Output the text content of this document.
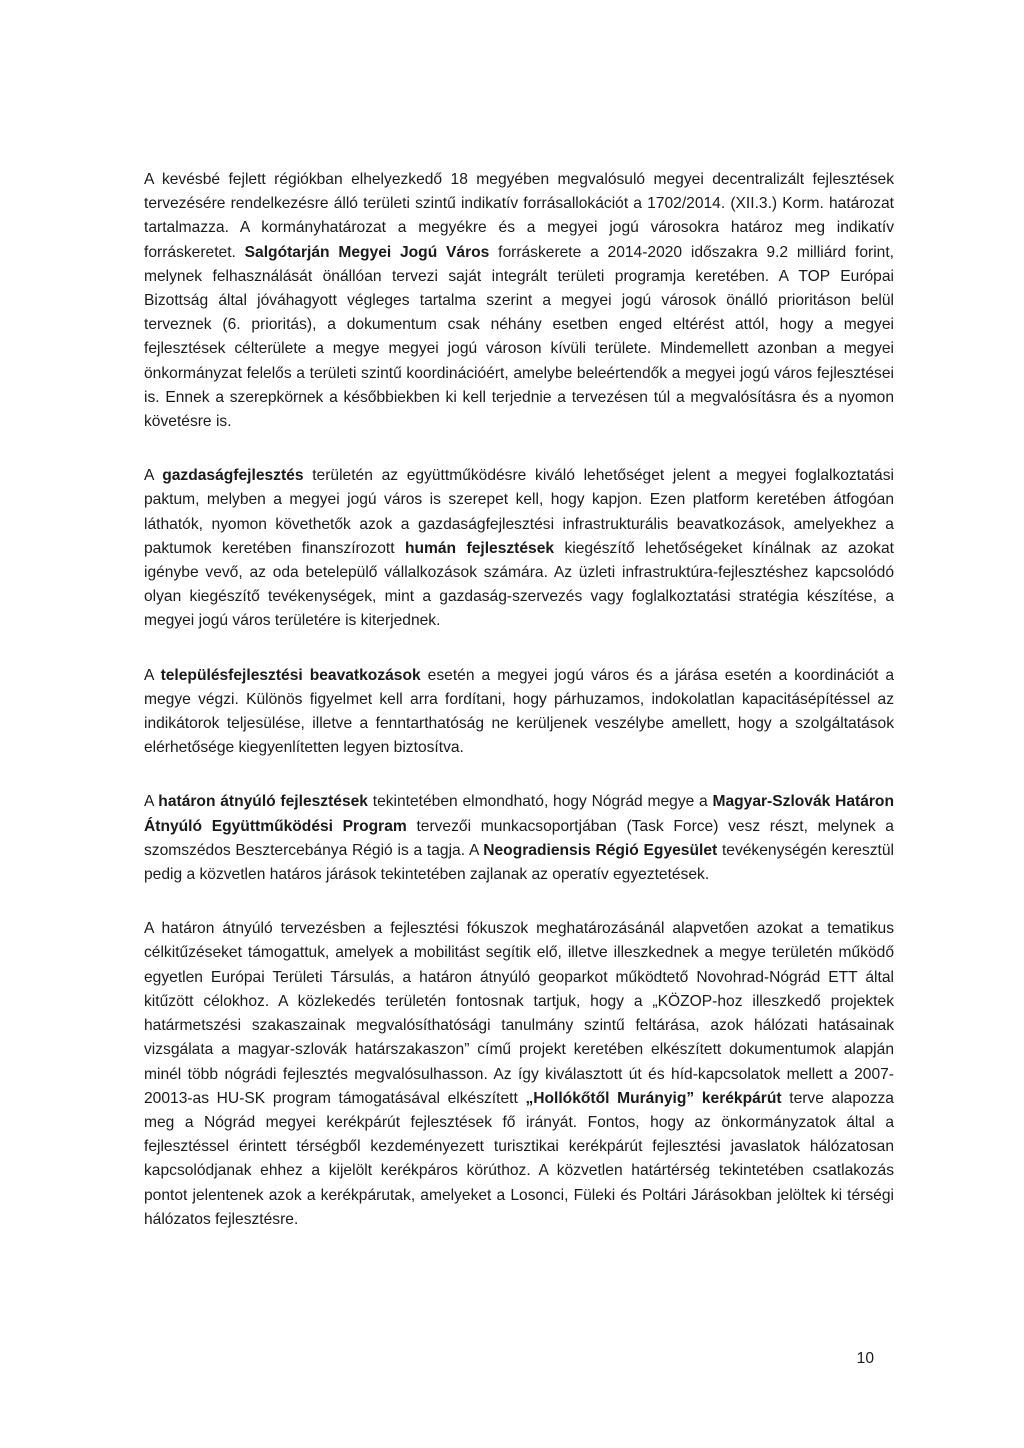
A kevésbé fejlett régiókban elhelyezkedő 18 megyében megvalósuló megyei decentralizált fejlesztések tervezésére rendelkezésre álló területi szintű indikatív forrásallokációt a 1702/2014. (XII.3.) Korm. határozat tartalmazza. A kormányhatározat a megyékre és a megyei jogú városokra határoz meg indikatív forráskeretet. Salgótarján Megyei Jogú Város forráskerete a 2014-2020 időszakra 9.2 milliárd forint, melynek felhasználását önállóan tervezi saját integrált területi programja keretében. A TOP Európai Bizottság által jóváhagyott végleges tartalma szerint a megyei jogú városok önálló prioritáson belül terveznek (6. prioritás), a dokumentum csak néhány esetben enged eltérést attól, hogy a megyei fejlesztések célterülete a megye megyei jogú városon kívüli területe. Mindemellett azonban a megyei önkormányzat felelős a területi szintű koordinációért, amelybe beleértendők a megyei jogú város fejlesztései is. Ennek a szerepkörnek a későbbiekben ki kell terjednie a tervezésen túl a megvalósításra és a nyomon követésre is.

A gazdaságfejlesztés területén az együttműködésre kiváló lehetőséget jelent a megyei foglalkoztatási paktum, melyben a megyei jogú város is szerepet kell, hogy kapjon. Ezen platform keretében átfogóan láthatók, nyomon követhetők azok a gazdaságfejlesztési infrastrukturális beavatkozások, amelyekhez a paktumok keretében finanszírozott humán fejlesztések kiegészítő lehetőségeket kínálnak az azokat igénybe vevő, az oda betelepülő vállalkozások számára. Az üzleti infrastruktúra-fejlesztéshez kapcsolódó olyan kiegészítő tevékenységek, mint a gazdaság-szervezés vagy foglalkoztatási stratégia készítése, a megyei jogú város területére is kiterjednek.

A településfejlesztési beavatkozások esetén a megyei jogú város és a járása esetén a koordinációt a megye végzi. Különös figyelmet kell arra fordítani, hogy párhuzamos, indokolatlan kapacitásépítéssel az indikátorok teljesülése, illetve a fenntarthatóság ne kerüljenek veszélybe amellett, hogy a szolgáltatások elérhetősége kiegyenlítetten legyen biztosítva.

A határon átnyúló fejlesztések tekintetében elmondható, hogy Nógrád megye a Magyar-Szlovák Határon Átnyúló Együttműködési Program tervezői munkacsoportjában (Task Force) vesz részt, melynek a szomszédos Besztercebánya Régió is a tagja. A Neogradiensis Régió Egyesület tevékenységén keresztül pedig a közvetlen határos járások tekintetében zajlanak az operatív egyeztetések.

A határon átnyúló tervezésben a fejlesztési fókuszok meghatározásánál alapvetően azokat a tematikus célkitűzéseket támogattuk, amelyek a mobilitást segítik elő, illetve illeszkednek a megye területén működő egyetlen Európai Területi Társulás, a határon átnyúló geoparkot működtető Novohrad-Nógrád ETT által kitűzött célokhoz. A közlekedés területén fontosnak tartjuk, hogy a „KÖZOP-hoz illeszkedő projektek határmetszési szakaszainak megvalósíthatósági tanulmány szintű feltárása, azok hálózati hatásainak vizsgálata a magyar-szlovák határszakaszon” című projekt keretében elkészített dokumentumok alapján minél több nógrádi fejlesztés megvalósulhasson. Az így kiválasztott út és híd-kapcsolatok mellett a 2007-20013-as HU-SK program támogatásával elkészített „Hollókőtől Murányig” kerékpárút terve alapozza meg a Nógrád megyei kerékpárút fejlesztések fő irányát. Fontos, hogy az önkormányzatok által a fejlesztéssel érintett térségből kezdeményezett turisztikai kerékpárút fejlesztési javaslatok hálózatosan kapcsolódjanak ehhez a kijelölt kerékpáros körúthoz. A közvetlen határtérség tekintetében csatlakozás pontot jelentenek azok a kerékpárutak, amelyeket a Losonci, Füleki és Poltári Járásokban jelöltek ki térségi hálózatos fejlesztésre.

10
